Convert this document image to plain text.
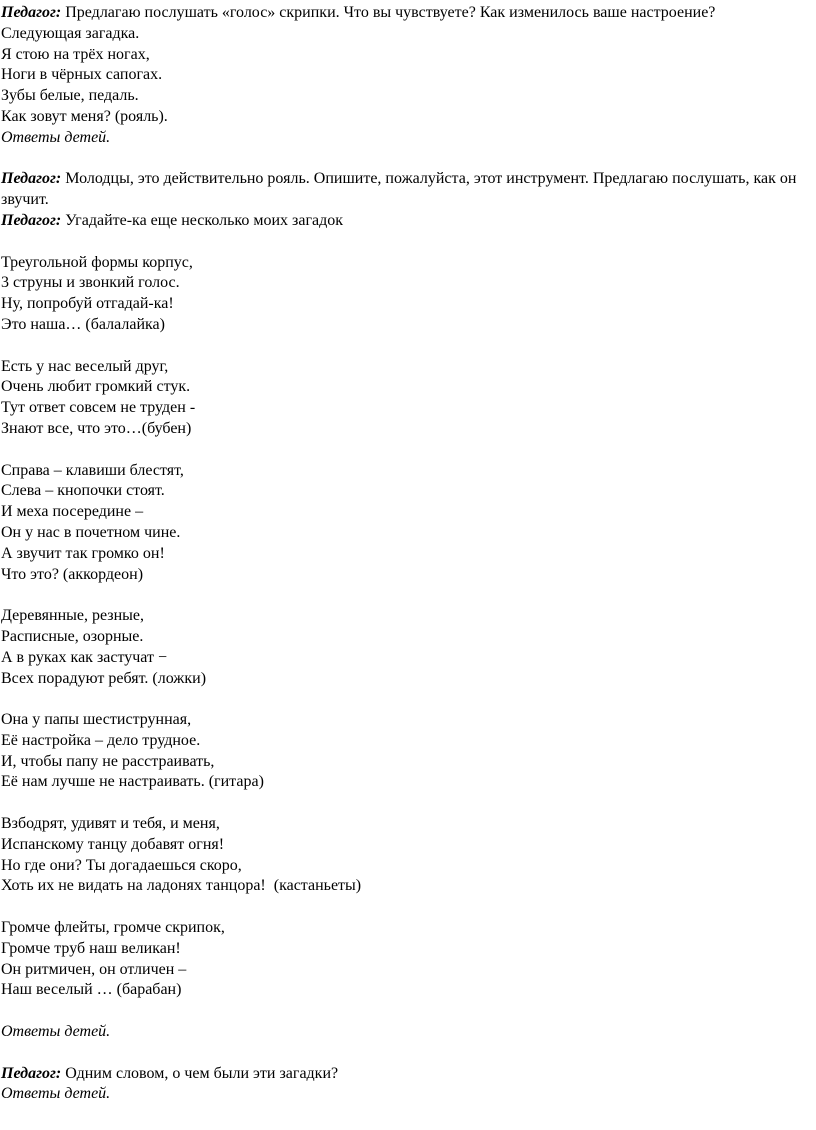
Педагог: Предлагаю послушать «голос» скрипки. Что вы чувствуете? Как изменилось ваше настроение?
Следующая загадка.
Я стою на трёх ногах,
Ноги в чёрных сапогах.
Зубы белые, педаль.
Как зовут меня? (рояль).
Ответы детей.
Педагог: Молодцы, это действительно рояль. Опишите, пожалуйста, этот инструмент. Предлагаю послушать, как он звучит.
Педагог: Угадайте-ка еще несколько моих загадок
Треугольной формы корпус,
3 струны и звонкий голос.
Ну, попробуй отгадай-ка!
Это наша… (балалайка)
Есть у нас веселый друг,
Очень любит громкий стук.
Тут ответ совсем не труден -
Знают все, что это…(бубен)
Справа – клавиши блестят,
Слева – кнопочки стоят.
И меха посередине –
Он у нас в почетном чине.
А звучит так громко он!
Что это? (аккордеон)
Деревянные, резные,
Расписные, озорные.
А в руках как застучат −
Всех порадуют ребят. (ложки)
Она у папы шестиструнная,
Её настройка – дело трудное.
И, чтобы папу не расстраивать,
Её нам лучше не настраивать. (гитара)
Взбодрят, удивят и тебя, и меня,
Испанскому танцу добавят огня!
Но где они? Ты догадаешься скоро,
Хоть их не видать на ладонях танцора!  (кастаньеты)
Громче флейты, громче скрипок,
Громче труб наш великан!
Он ритмичен, он отличен –
Наш веселый … (барабан)
Ответы детей.
Педагог: Одним словом, о чем были эти загадки?
Ответы детей.
